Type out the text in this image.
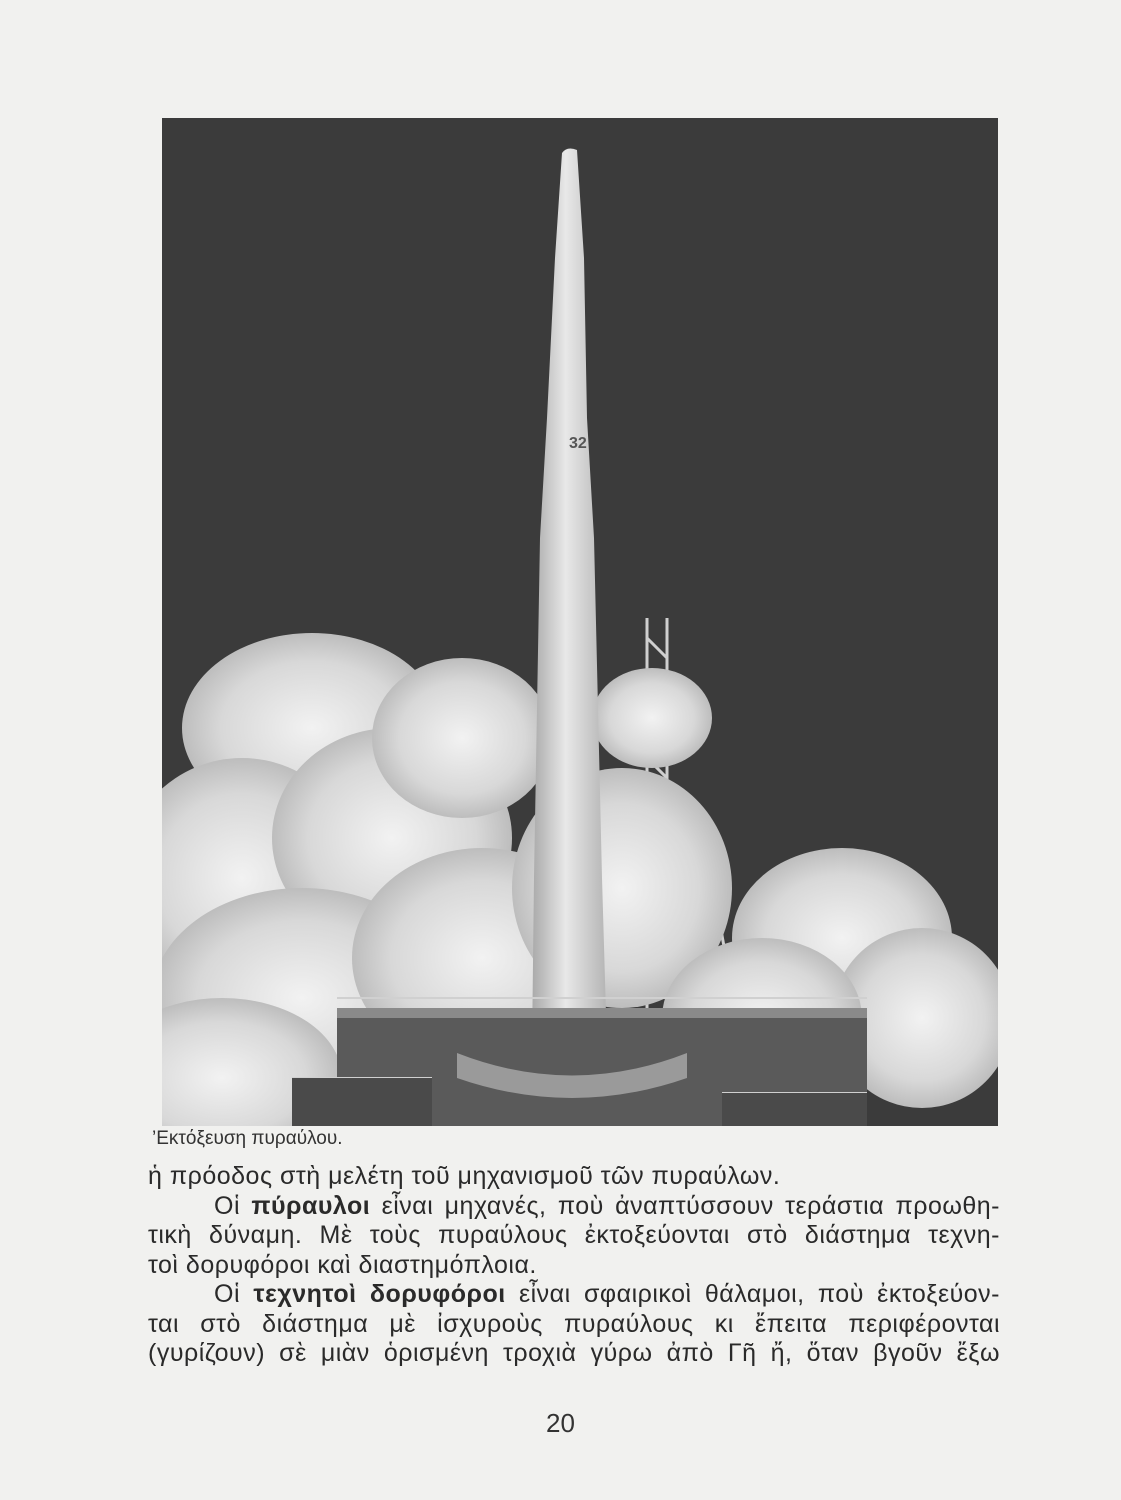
32
’Εκτόξευση πυραύλου.

ἡ πρόοδος στὴ μελέτη τοῦ μηχανισμοῦ τῶν πυραύλων.

Οἱ πύραυλοι εἶναι μηχανές, ποὺ ἀναπτύσσουν τεράστια προωθη-
τικὴ δύναμη. Μὲ τοὺς πυραύλους ἐκτοξεύονται στὸ διάστημα τεχνη-
τοὶ δορυφόροι καὶ διαστημόπλοια.

Οἱ τεχνητοὶ δορυφόροι εἶναι σφαιρικοὶ θάλαμοι, ποὺ ἐκτοξεύον-
ται στὸ διάστημα μὲ ἰσχυροὺς πυραύλους κι ἔπειτα περιφέρονται
(γυρίζουν) σὲ μιὰν ὁρισμένη τροχιὰ γύρω ἀπὸ Γῆ ἤ, ὅταν βγοῦν ἔξω

20
